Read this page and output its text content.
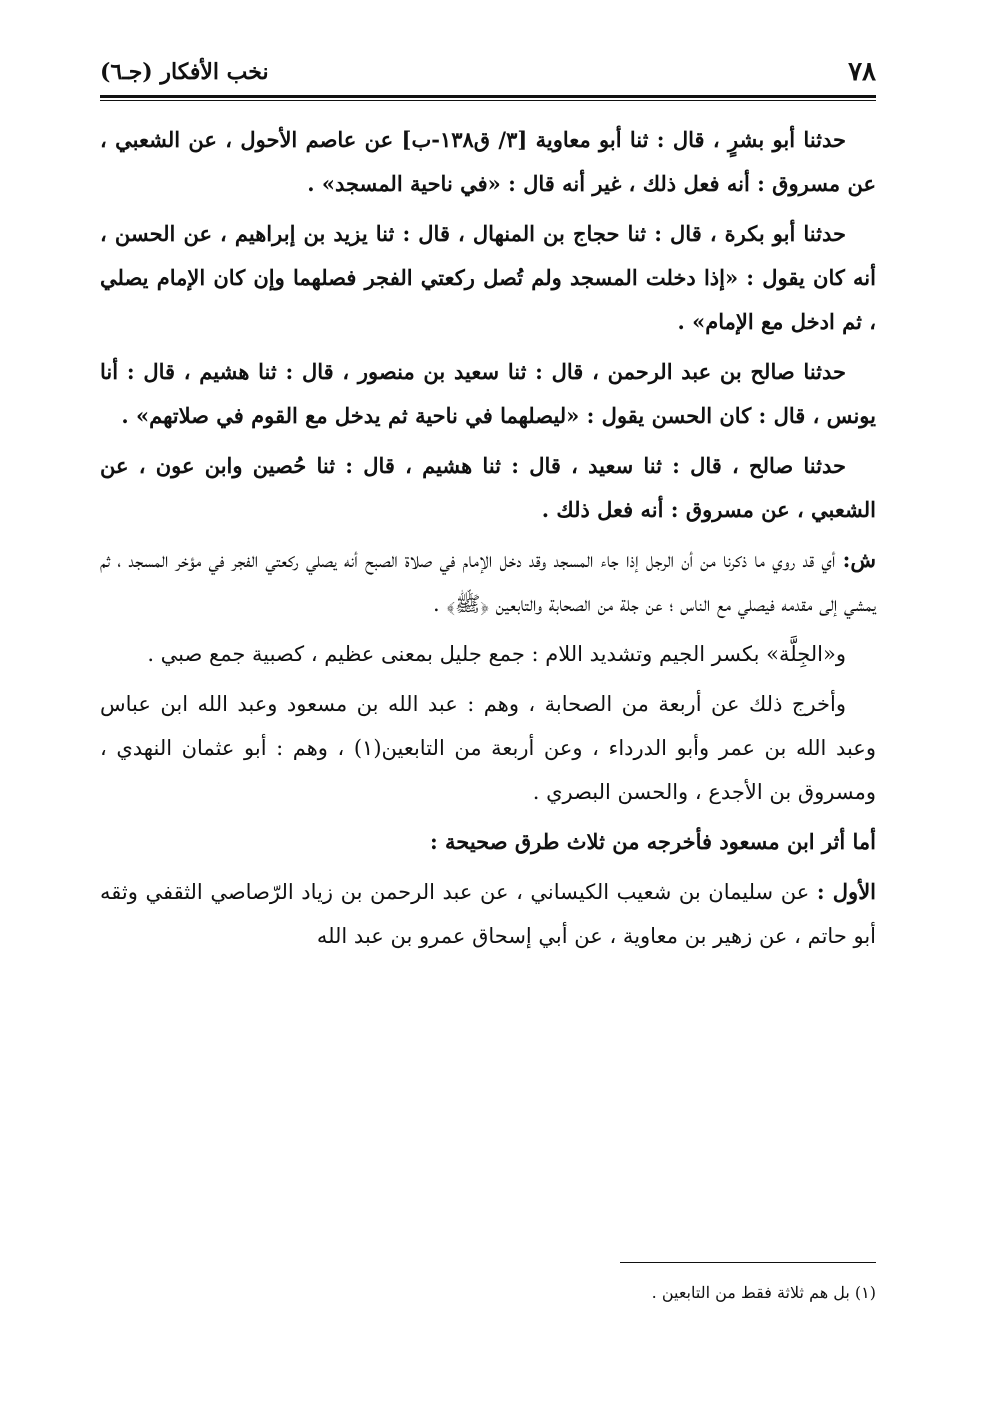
٧٨
نخب الأفكار (جـ٦)

حدثنا أبو بشرٍ ، قال : ثنا أبو معاوية [٣/ ق١٣٨-ب] عن عاصم الأحول ، عن الشعبي ، عن مسروق : أنه فعل ذلك ، غير أنه قال : «في ناحية المسجد» .

حدثنا أبو بكرة ، قال : ثنا حجاج بن المنهال ، قال : ثنا يزيد بن إبراهيم ، عن الحسن ، أنه كان يقول : «إذا دخلت المسجد ولم تُصل ركعتي الفجر فصلهما وإن كان الإمام يصلي ، ثم ادخل مع الإمام» .

حدثنا صالح بن عبد الرحمن ، قال : ثنا سعيد بن منصور ، قال : ثنا هشيم ، قال : أنا يونس ، قال : كان الحسن يقول : «ليصلهما في ناحية ثم يدخل مع القوم في صلاتهم» .

حدثنا صالح ، قال : ثنا سعيد ، قال : ثنا هشيم ، قال : ثنا حُصين وابن عون ، عن الشعبي ، عن مسروق : أنه فعل ذلك .

ش: أي قد روي ما ذكرنا من أن الرجل إذا جاء المسجد وقد دخل الإمام في صلاة الصبح أنه يصلي ركعتي الفجر في مؤخر المسجد ، ثم يمشي إلى مقدمه فيصلي مع الناس ؛ عن جلة من الصحابة والتابعين ﴿ﷺ﴾ .

و«الجِلَّة» بكسر الجيم وتشديد اللام : جمع جليل بمعنى عظيم ، كصبية جمع صبي .

وأخرج ذلك عن أربعة من الصحابة ، وهم : عبد الله بن مسعود وعبد الله ابن عباس وعبد الله بن عمر وأبو الدرداء ، وعن أربعة من التابعين(١) ، وهم : أبو عثمان النهدي ، ومسروق بن الأجدع ، والحسن البصري .

أما أثر ابن مسعود فأخرجه من ثلاث طرق صحيحة :

الأول : عن سليمان بن شعيب الكيساني ، عن عبد الرحمن بن زياد الرّصاصي الثقفي وثقه أبو حاتم ، عن زهير بن معاوية ، عن أبي إسحاق عمرو بن عبد الله

(١) بل هم ثلاثة فقط من التابعين .
